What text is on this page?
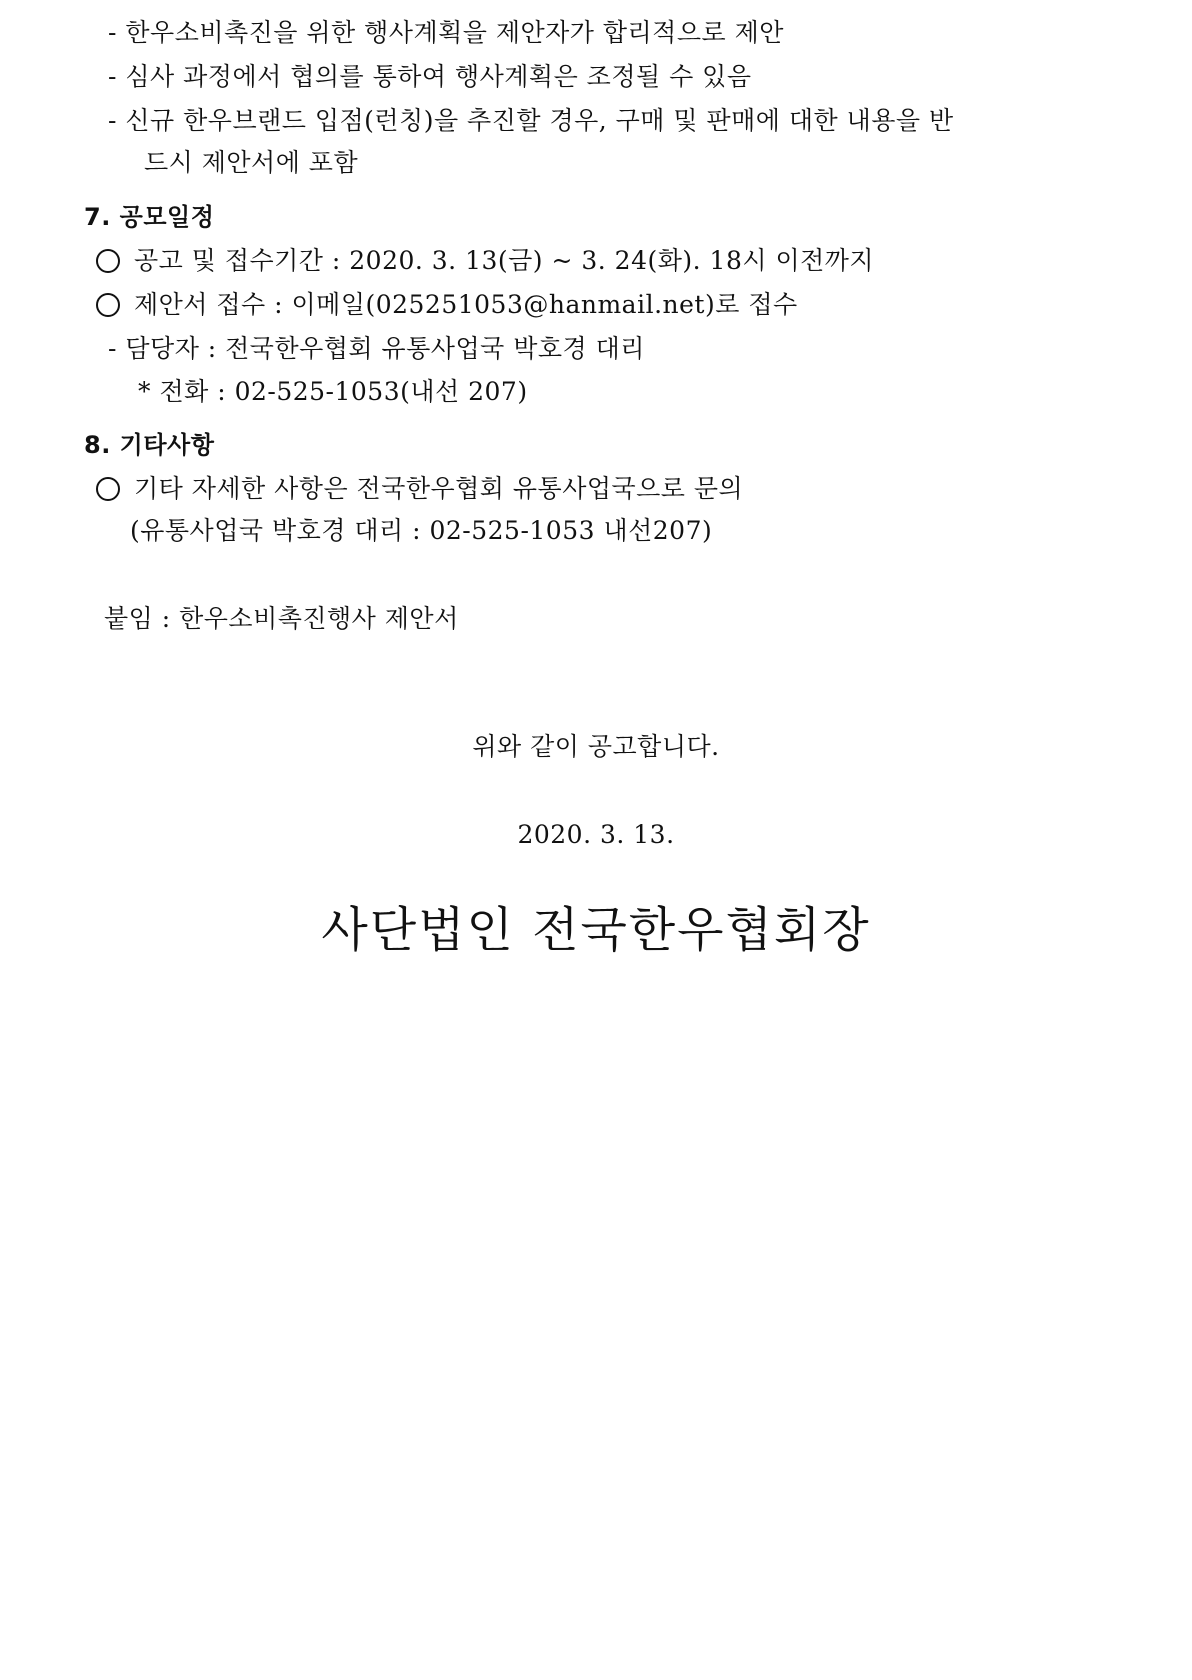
- 한우소비촉진을 위한 행사계획을 제안자가 합리적으로 제안
- 심사 과정에서 협의를 통하여 행사계획은 조정될 수 있음
- 신규 한우브랜드 입점(런칭)을 추진할 경우, 구매 및 판매에 대한 내용을 반
드시 제안서에 포함
7. 공모일정
공고 및 접수기간 : 2020. 3. 13(금) ~ 3. 24(화). 18시 이전까지
제안서 접수 : 이메일(025251053@hanmail.net)로 접수
- 담당자 : 전국한우협회 유통사업국 박호경 대리
* 전화 : 02-525-1053(내선 207)
8. 기타사항
기타 자세한 사항은 전국한우협회 유통사업국으로 문의
(유통사업국 박호경 대리 : 02-525-1053 내선207)
붙임 : 한우소비촉진행사 제안서
위와 같이 공고합니다.
2020. 3. 13.
사단법인 전국한우협회장
